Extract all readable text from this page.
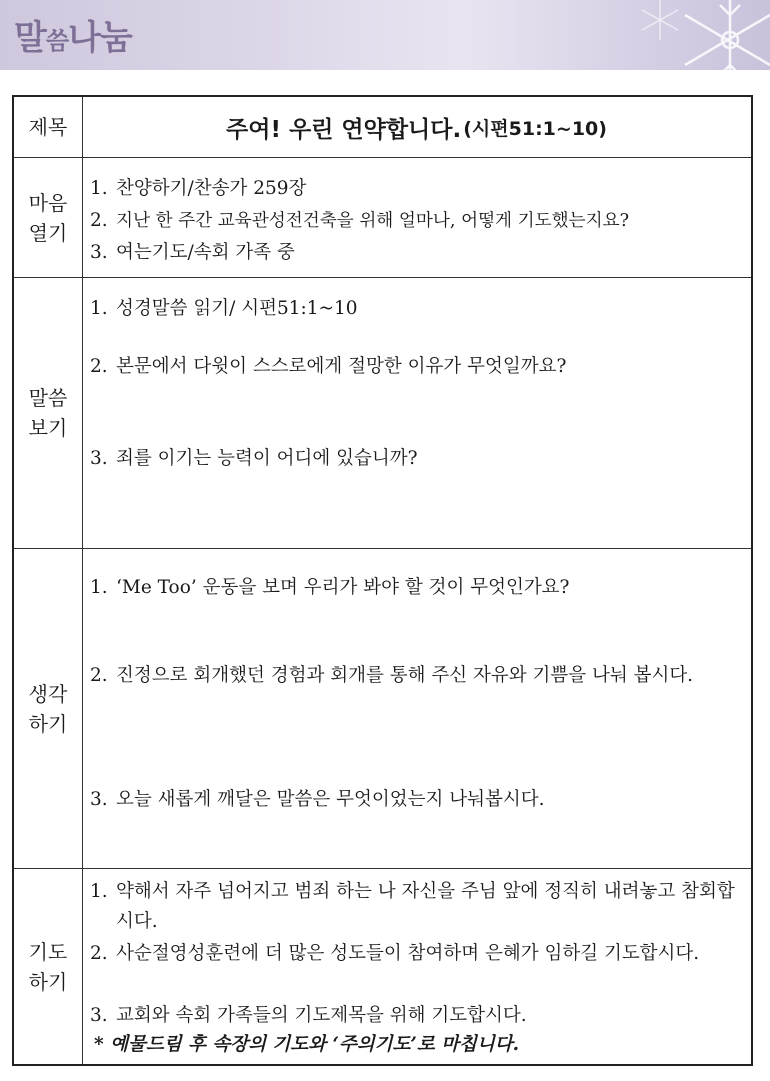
말씀나눔
제목	주여! 우린 연약합니다. (시편51:1~10)
마음
열기
1. 찬양하기/찬송가 259장
2. 지난 한 주간 교육관성전건축을 위해 얼마나, 어떻게 기도했는지요?
3. 여는기도/속회 가족 중
말씀
보기
1. 성경말씀 읽기/ 시편51:1~10
2. 본문에서 다윗이 스스로에게 절망한 이유가 무엇일까요?
3. 죄를 이기는 능력이 어디에 있습니까?
생각
하기
1. ‘Me Too’ 운동을 보며 우리가 봐야 할 것이 무엇인가요?
2. 진정으로 회개했던 경험과 회개를 통해 주신 자유와 기쁨을 나눠 봅시다.
3. 오늘 새롭게 깨달은 말씀은 무엇이었는지 나눠봅시다.
기도
하기
1. 약해서 자주 넘어지고 범죄 하는 나 자신을 주님 앞에 정직히 내려놓고 참회합시다.
2. 사순절영성훈련에 더 많은 성도들이 참여하며 은혜가 임하길 기도합시다.
3. 교회와 속회 가족들의 기도제목을 위해 기도합시다.
* 예물드림 후 속장의 기도와 ‘주의기도’로 마칩니다.
